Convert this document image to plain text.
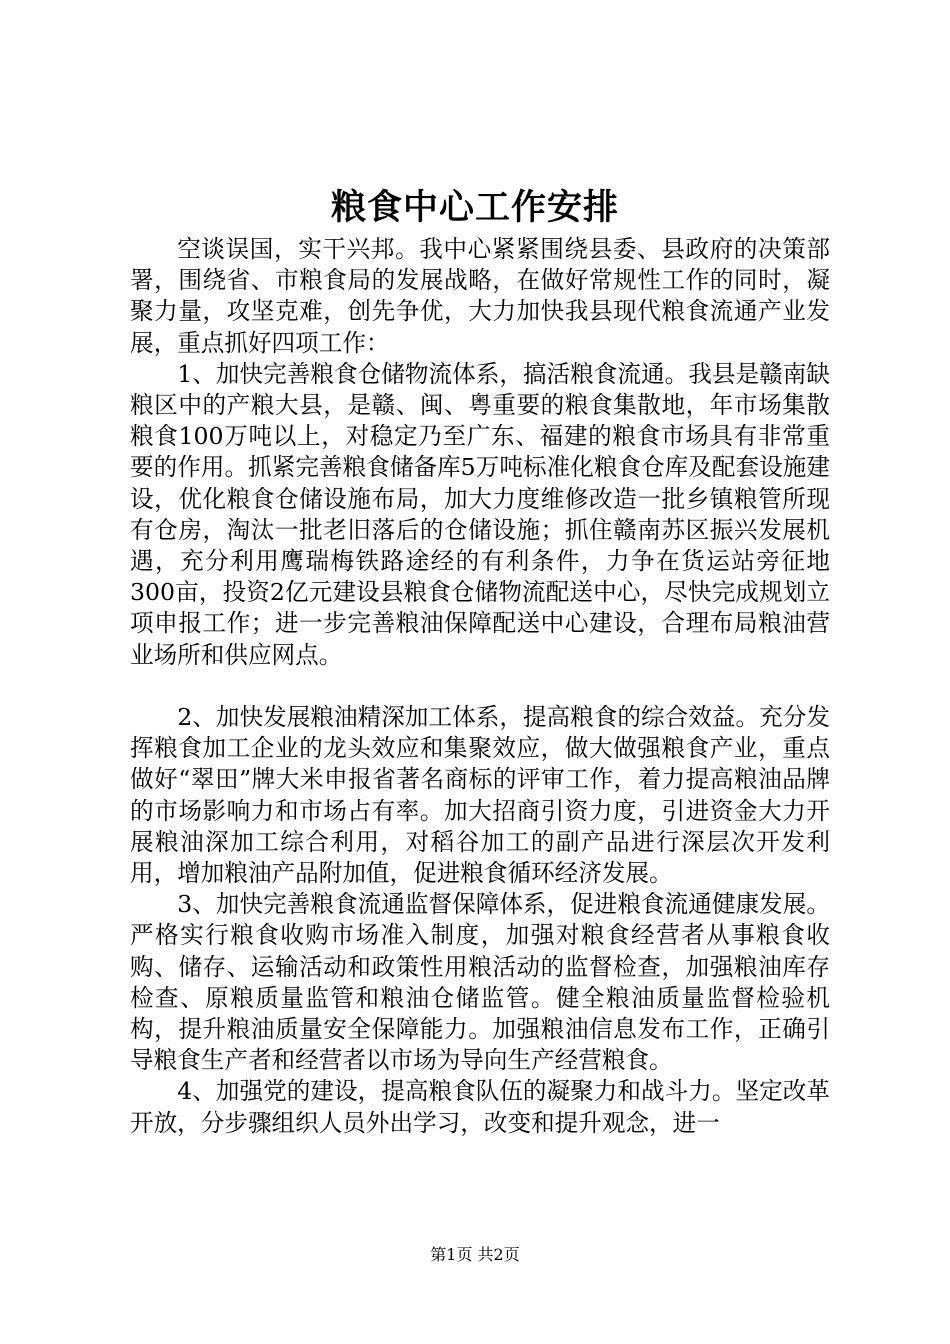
粮食中心工作安排

空谈误国，实干兴邦。我中心紧紧围绕县委、县政府的决策部署，围绕省、市粮食局的发展战略，在做好常规性工作的同时，凝聚力量，攻坚克难，创先争优，大力加快我县现代粮食流通产业发展，重点抓好四项工作：

1、加快完善粮食仓储物流体系，搞活粮食流通。我县是赣南缺粮区中的产粮大县，是赣、闽、粤重要的粮食集散地，年市场集散粮食100万吨以上，对稳定乃至广东、福建的粮食市场具有非常重要的作用。抓紧完善粮食储备库5万吨标准化粮食仓库及配套设施建设，优化粮食仓储设施布局，加大力度维修改造一批乡镇粮管所现有仓房，淘汰一批老旧落后的仓储设施；抓住赣南苏区振兴发展机遇，充分利用鹰瑞梅铁路途经的有利条件，力争在货运站旁征地300亩，投资2亿元建设县粮食仓储物流配送中心，尽快完成规划立项申报工作；进一步完善粮油保障配送中心建设，合理布局粮油营业场所和供应网点。

2、加快发展粮油精深加工体系，提高粮食的综合效益。充分发挥粮食加工企业的龙头效应和集聚效应，做大做强粮食产业，重点做好“翠田”牌大米申报省著名商标的评审工作，着力提高粮油品牌的市场影响力和市场占有率。加大招商引资力度，引进资金大力开展粮油深加工综合利用，对稻谷加工的副产品进行深层次开发利用，增加粮油产品附加值，促进粮食循环经济发展。

3、加快完善粮食流通监督保障体系，促进粮食流通健康发展。严格实行粮食收购市场准入制度，加强对粮食经营者从事粮食收购、储存、运输活动和政策性用粮活动的监督检查，加强粮油库存检查、原粮质量监管和粮油仓储监管。健全粮油质量监督检验机构，提升粮油质量安全保障能力。加强粮油信息发布工作，正确引导粮食生产者和经营者以市场为导向生产经营粮食。

4、加强党的建设，提高粮食队伍的凝聚力和战斗力。坚定改革开放，分步骤组织人员外出学习，改变和提升观念，进一

第1页 共2页
